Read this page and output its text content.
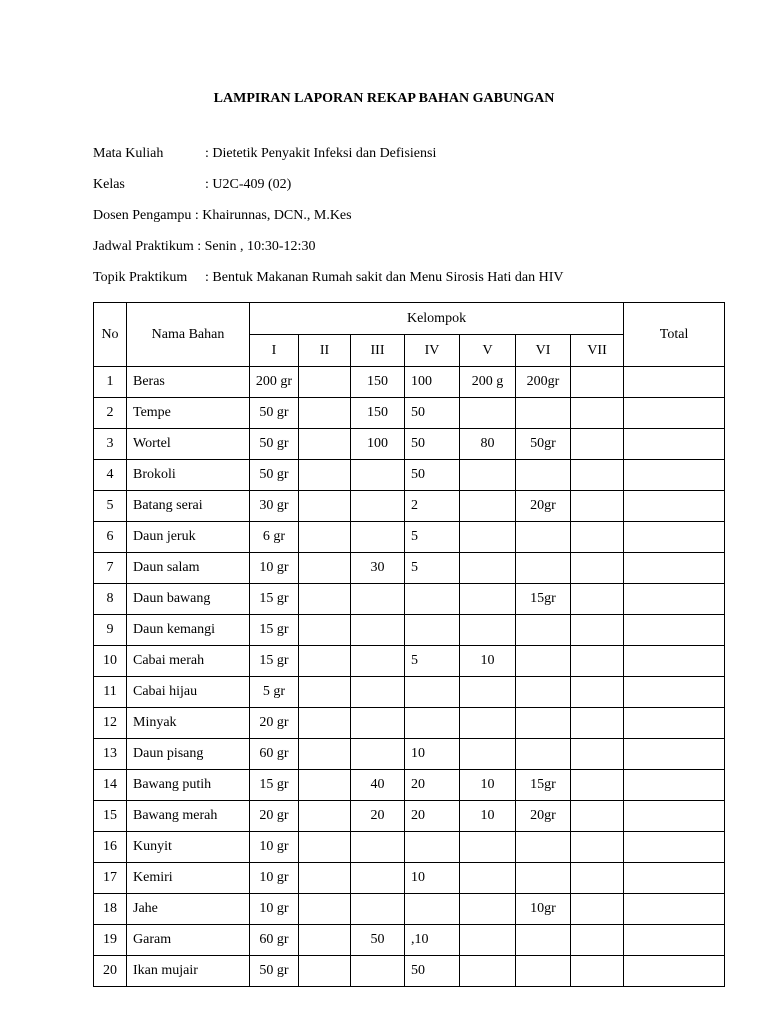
LAMPIRAN LAPORAN REKAP BAHAN GABUNGAN
Mata Kuliah	: Dietetik Penyakit Infeksi dan Defisiensi
Kelas	: U2C-409 (02)
Dosen Pengampu : Khairunnas, DCN., M.Kes
Jadwal Praktikum : Senin , 10:30-12:30
Topik Praktikum : Bentuk Makanan Rumah sakit dan Menu Sirosis Hati dan HIV
No	Nama Bahan	Kelompok							Total
		I	II	III	IV	V	VI	VII	
1	Beras	200 gr		150	100	200 g	200gr		
2	Tempe	50 gr		150	50				
3	Wortel	50 gr		100	50	80	50gr		
4	Brokoli	50 gr			50				
5	Batang serai	30 gr			2		20gr		
6	Daun jeruk	6 gr			5				
7	Daun salam	10 gr		30	5				
8	Daun bawang	15 gr					15gr		
9	Daun kemangi	15 gr							
10	Cabai merah	15 gr			5	10			
11	Cabai hijau	5 gr							
12	Minyak	20 gr							
13	Daun pisang	60 gr			10				
14	Bawang putih	15 gr		40	20	10	15gr		
15	Bawang merah	20 gr		20	20	10	20gr		
16	Kunyit	10 gr							
17	Kemiri	10 gr			10				
18	Jahe	10 gr					10gr		
19	Garam	60 gr		50	,10				
20	Ikan mujair	50 gr			50				
